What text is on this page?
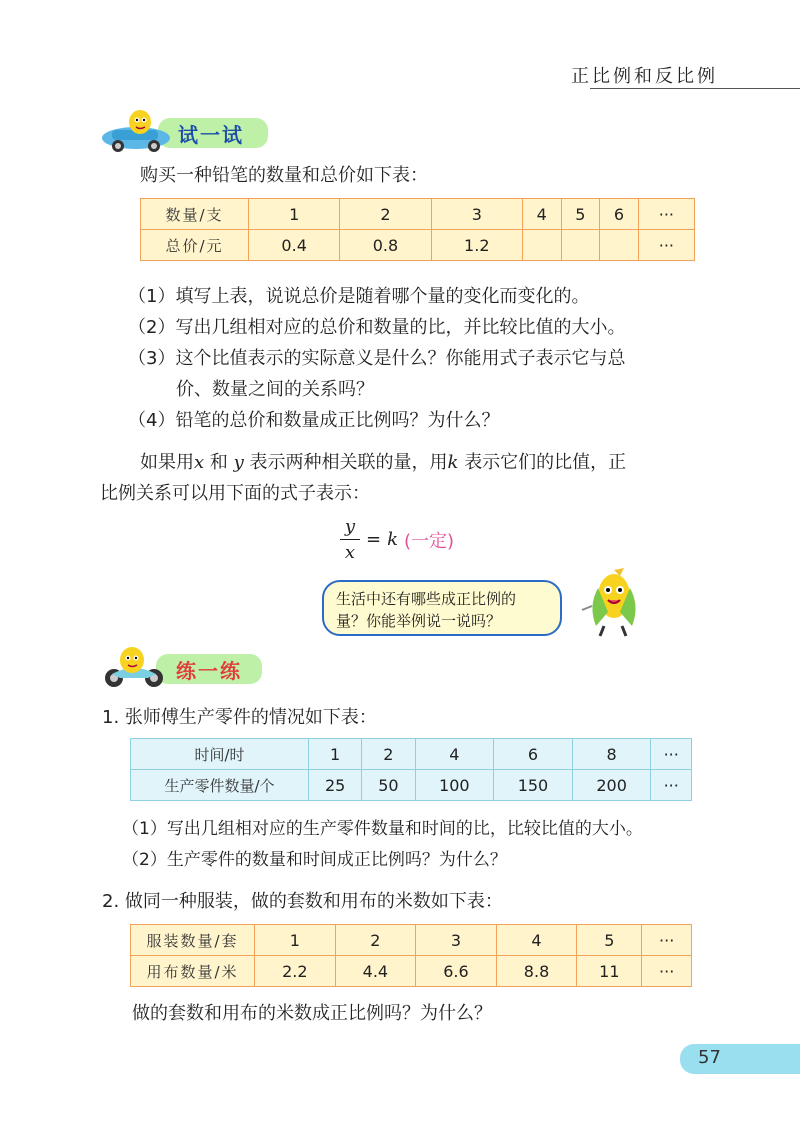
正比例和反比例
试一试
购买一种铅笔的数量和总价如下表：
数量/支	1	2	3	4	5	6	···
总价/元	0.4	0.8	1.2				···
（1）填写上表，说说总价是随着哪个量的变化而变化的。
（2）写出几组相对应的总价和数量的比，并比较比值的大小。
（3）这个比值表示的实际意义是什么？你能用式子表示它与总
价、数量之间的关系吗？
（4）铅笔的总价和数量成正比例吗？为什么？
如果用x 和 y 表示两种相关联的量，用k 表示它们的比值，正
比例关系可以用下面的式子表示：
$\frac{y}{x} = k$ (一定)
生活中还有哪些成正比例的
量？你能举例说一说吗？
练一练
1. 张师傅生产零件的情况如下表：
时间/时	1	2	4	6	8	···
生产零件数量/个	25	50	100	150	200	···
（1）写出几组相对应的生产零件数量和时间的比，比较比值的大小。
（2）生产零件的数量和时间成正比例吗？为什么？
2. 做同一种服装，做的套数和用布的米数如下表：
服装数量/套	1	2	3	4	5	···
用布数量/米	2.2	4.4	6.6	8.8	11	···
做的套数和用布的米数成正比例吗？为什么？
57
